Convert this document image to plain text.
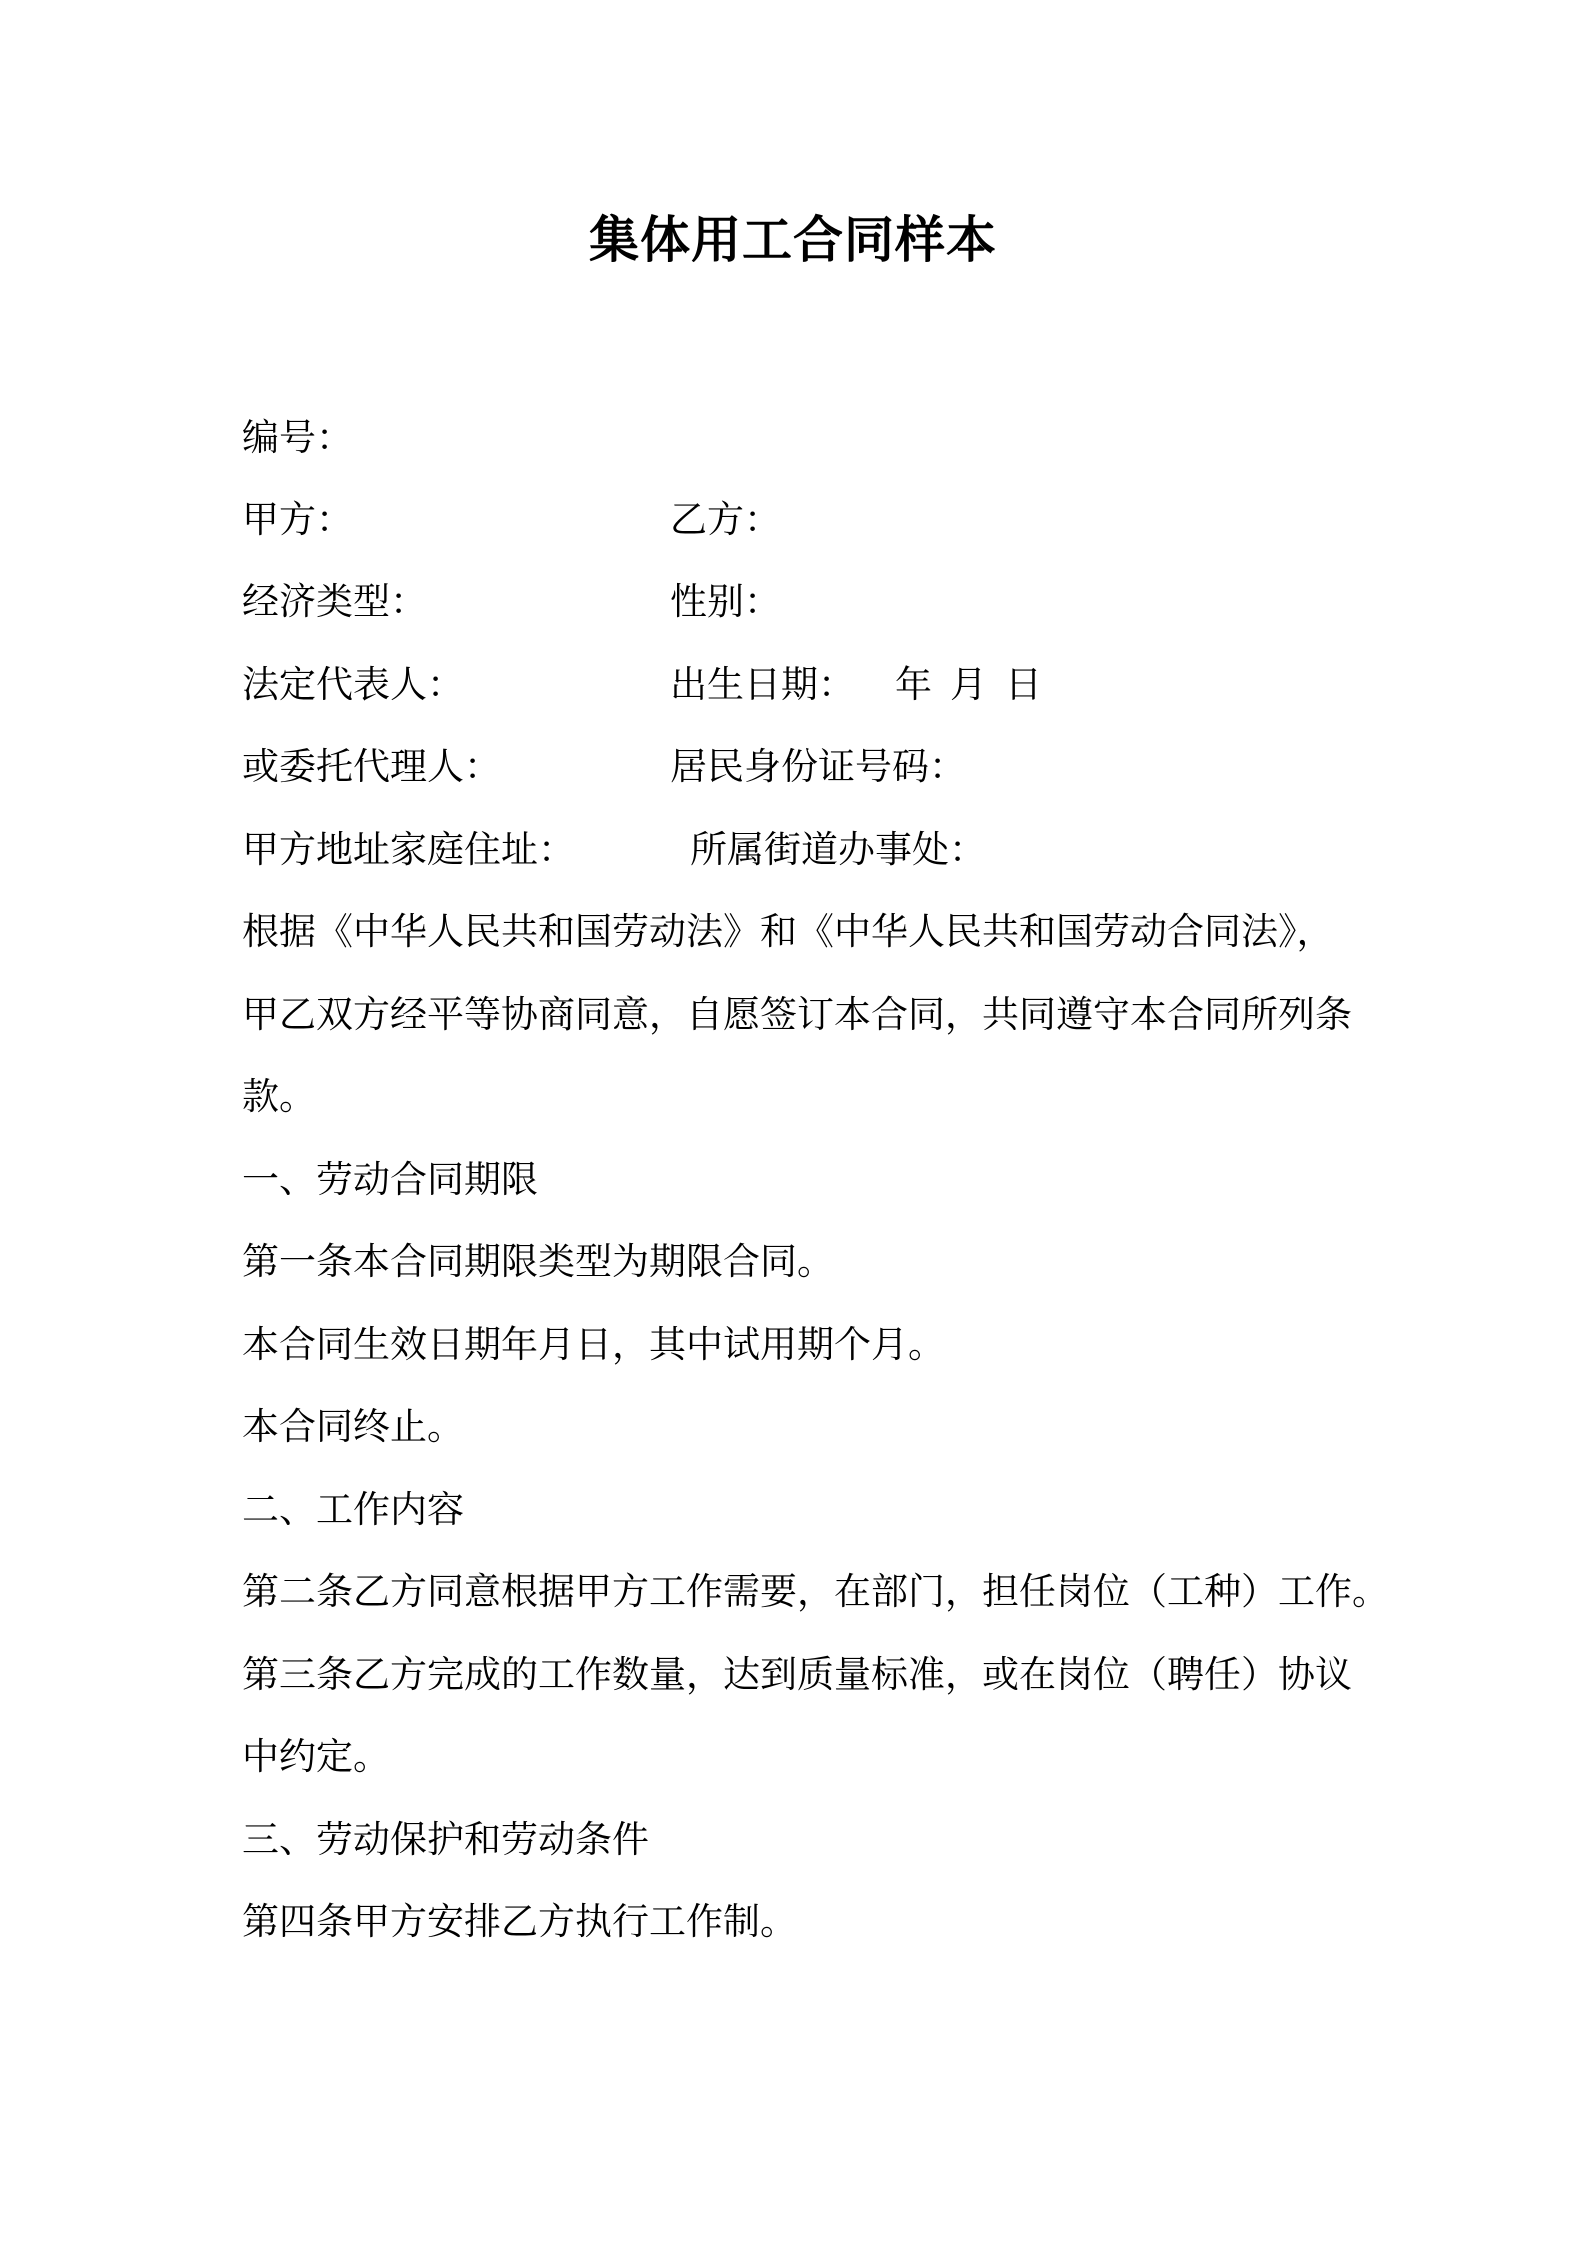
集体用工合同样本
编号：
甲方：	乙方：
经济类型：	性别：
法定代表人：	出生日期： 年 月 日
或委托代理人：	居民身份证号码：
甲方地址家庭住址：	所属街道办事处：
根据《中华人民共和国劳动法》和《中华人民共和国劳动合同法》，
甲乙双方经平等协商同意，自愿签订本合同，共同遵守本合同所列条
款。
一、劳动合同期限
第一条本合同期限类型为期限合同。
本合同生效日期年月日，其中试用期个月。
本合同终止。
二、工作内容
第二条乙方同意根据甲方工作需要，在部门，担任岗位（工种）工作。
第三条乙方完成的工作数量，达到质量标准，或在岗位（聘任）协议
中约定。
三、劳动保护和劳动条件
第四条甲方安排乙方执行工作制。
